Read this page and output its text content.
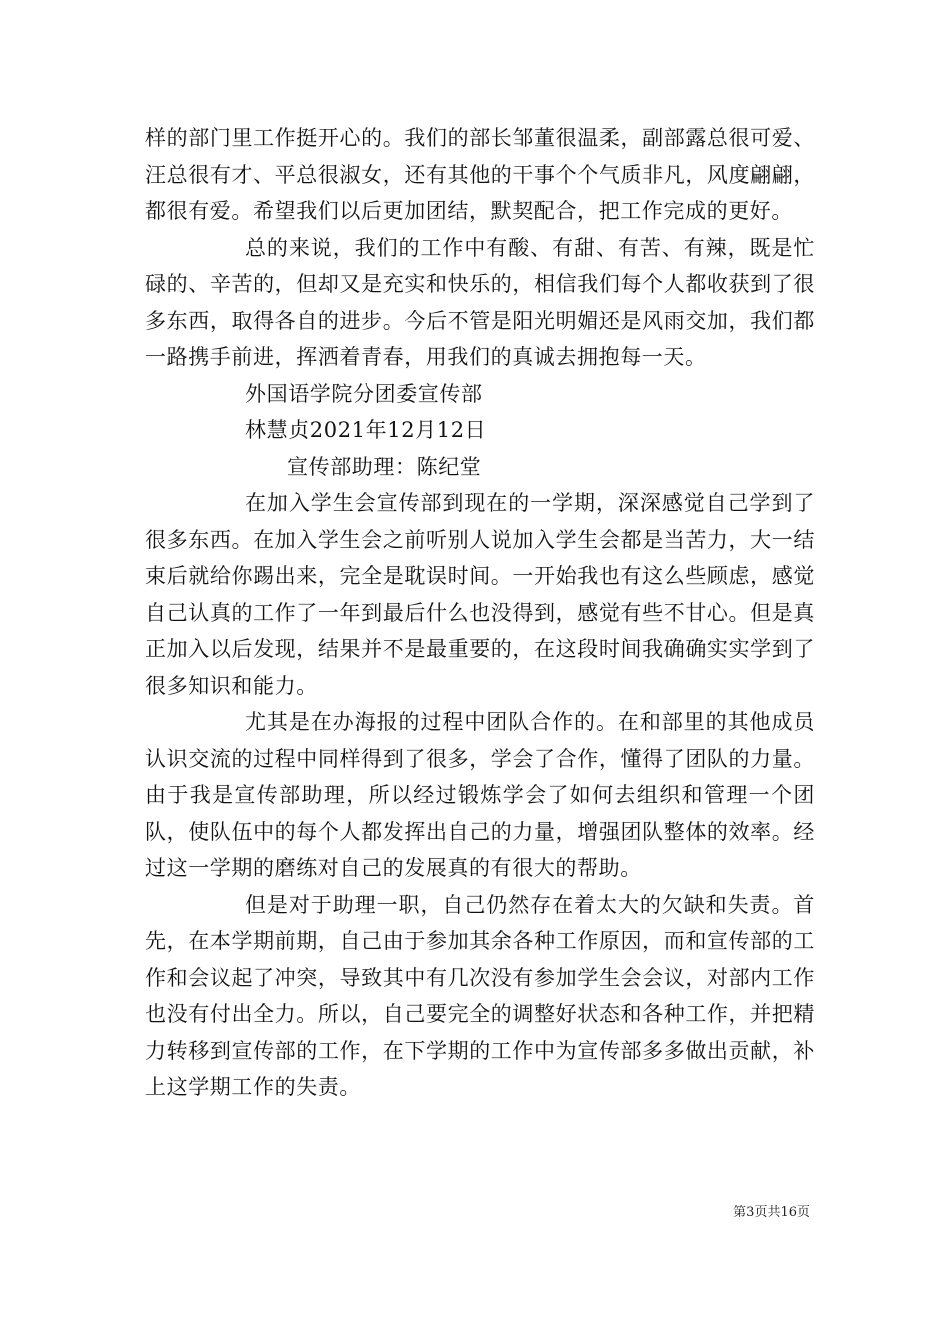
样的部门里工作挺开心的。我们的部长邹董很温柔，副部露总很可爱、汪总很有才、平总很淑女，还有其他的干事个个气质非凡，风度翩翩，都很有爱。希望我们以后更加团结，默契配合，把工作完成的更好。

总的来说，我们的工作中有酸、有甜、有苦、有辣，既是忙碌的、辛苦的，但却又是充实和快乐的，相信我们每个人都收获到了很多东西，取得各自的进步。今后不管是阳光明媚还是风雨交加，我们都一路携手前进，挥洒着青春，用我们的真诚去拥抱每一天。

外国语学院分团委宣传部

林慧贞2021年12月12日

宣传部助理：陈纪堂

在加入学生会宣传部到现在的一学期，深深感觉自己学到了很多东西。在加入学生会之前听别人说加入学生会都是当苦力，大一结束后就给你踢出来，完全是耽误时间。一开始我也有这么些顾虑，感觉自己认真的工作了一年到最后什么也没得到，感觉有些不甘心。但是真正加入以后发现，结果并不是最重要的，在这段时间我确确实实学到了很多知识和能力。

尤其是在办海报的过程中团队合作的。在和部里的其他成员认识交流的过程中同样得到了很多，学会了合作，懂得了团队的力量。由于我是宣传部助理，所以经过锻炼学会了如何去组织和管理一个团队，使队伍中的每个人都发挥出自己的力量，增强团队整体的效率。经过这一学期的磨练对自己的发展真的有很大的帮助。

但是对于助理一职，自己仍然存在着太大的欠缺和失责。首先，在本学期前期，自己由于参加其余各种工作原因，而和宣传部的工作和会议起了冲突，导致其中有几次没有参加学生会会议，对部内工作也没有付出全力。所以，自己要完全的调整好状态和各种工作，并把精力转移到宣传部的工作，在下学期的工作中为宣传部多多做出贡献，补上这学期工作的失责。

第3页共16页
